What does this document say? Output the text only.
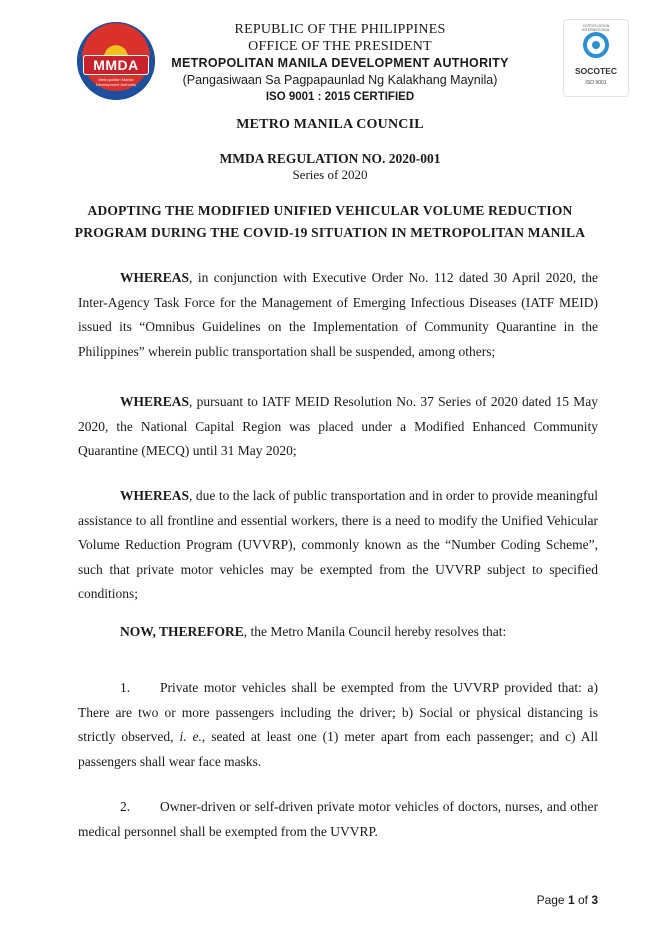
MMDA
Metropolitan Manila Development Authority
REPUBLIC OF THE PHILIPPINES
OFFICE OF THE PRESIDENT
METROPOLITAN MANILA DEVELOPMENT AUTHORITY
(Pangasiwaan Sa Pagpapaunlad Ng Kalakhang Maynila)
ISO 9001 : 2015 CERTIFIED
CERTIFICATION INTERNATIONAL
SOCOTEC
ISO 9001
METRO MANILA COUNCIL
MMDA REGULATION NO. 2020-001
Series of 2020
ADOPTING THE MODIFIED UNIFIED VEHICULAR VOLUME REDUCTION
PROGRAM DURING THE COVID-19 SITUATION IN METROPOLITAN MANILA

WHEREAS, in conjunction with Executive Order No. 112 dated 30 April 2020, the Inter-Agency Task Force for the Management of Emerging Infectious Diseases (IATF MEID) issued its “Omnibus Guidelines on the Implementation of Community Quarantine in the Philippines” wherein public transportation shall be suspended, among others;

WHEREAS, pursuant to IATF MEID Resolution No. 37 Series of 2020 dated 15 May 2020, the National Capital Region was placed under a Modified Enhanced Community Quarantine (MECQ) until 31 May 2020;

WHEREAS, due to the lack of public transportation and in order to provide meaningful assistance to all frontline and essential workers, there is a need to modify the Unified Vehicular Volume Reduction Program (UVVRP), commonly known as the “Number Coding Scheme”, such that private motor vehicles may be exempted from the UVVRP subject to specified conditions;

NOW, THEREFORE, the Metro Manila Council hereby resolves that:

1. Private motor vehicles shall be exempted from the UVVRP provided that: a) There are two or more passengers including the driver; b) Social or physical distancing is strictly observed, i. e., seated at least one (1) meter apart from each passenger; and c) All passengers shall wear face masks.

2. Owner-driven or self-driven private motor vehicles of doctors, nurses, and other medical personnel shall be exempted from the UVVRP.

Page 1 of 3
